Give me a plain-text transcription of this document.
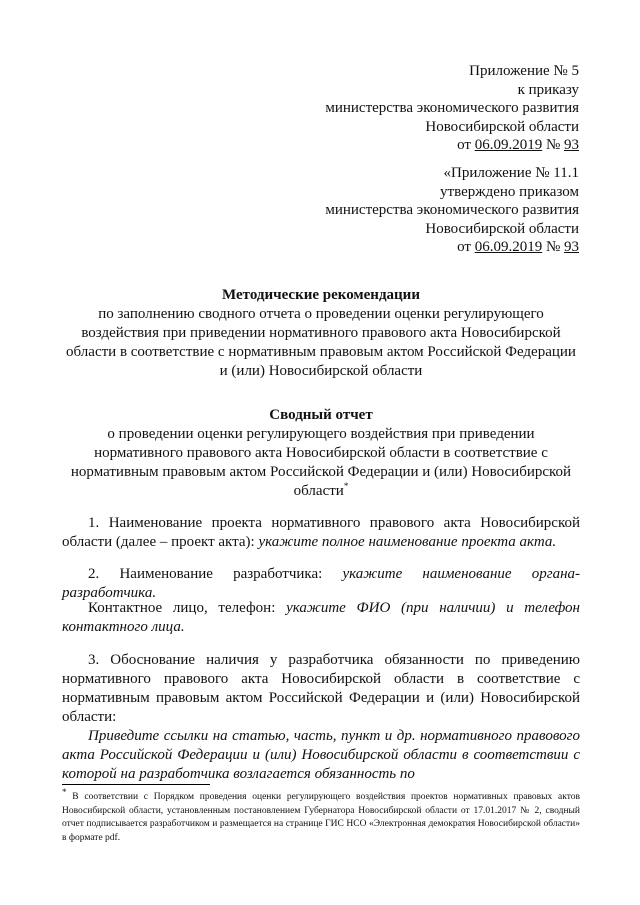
Приложение № 5
к приказу
министерства экономического развития
Новосибирской области
от 06.09.2019 № 93
«Приложение № 11.1
утверждено приказом
министерства экономического развития
Новосибирской области
от 06.09.2019 № 93
Методические рекомендации
по заполнению сводного отчета о проведении оценки регулирующего
воздействия при приведении нормативного правового акта Новосибирской
области в соответствие с нормативным правовым актом Российской Федерации
и (или) Новосибирской области
Сводный отчет
о проведении оценки регулирующего воздействия при приведении
нормативного правового акта Новосибирской области в соответствие с
нормативным правовым актом Российской Федерации и (или) Новосибирской
области*
1. Наименование проекта нормативного правового акта Новосибирской области (далее – проект акта): укажите полное наименование проекта акта.
2. Наименование разработчика: укажите наименование органа-разработчика.
Контактное лицо, телефон: укажите ФИО (при наличии) и телефон контактного лица.
3. Обоснование наличия у разработчика обязанности по приведению нормативного правового акта Новосибирской области в соответствие с нормативным правовым актом Российской Федерации и (или) Новосибирской области:
Приведите ссылки на статью, часть, пункт и др. нормативного правового акта Российской Федерации и (или) Новосибирской области в соответствии с которой на разработчика возлагается обязанность по
* В соответствии с Порядком проведения оценки регулирующего воздействия проектов нормативных правовых актов Новосибирской области, установленным постановлением Губернатора Новосибирской области от 17.01.2017 № 2, сводный отчет подписывается разработчиком и размещается на странице ГИС НСО «Электронная демократия Новосибирской области» в формате pdf.
